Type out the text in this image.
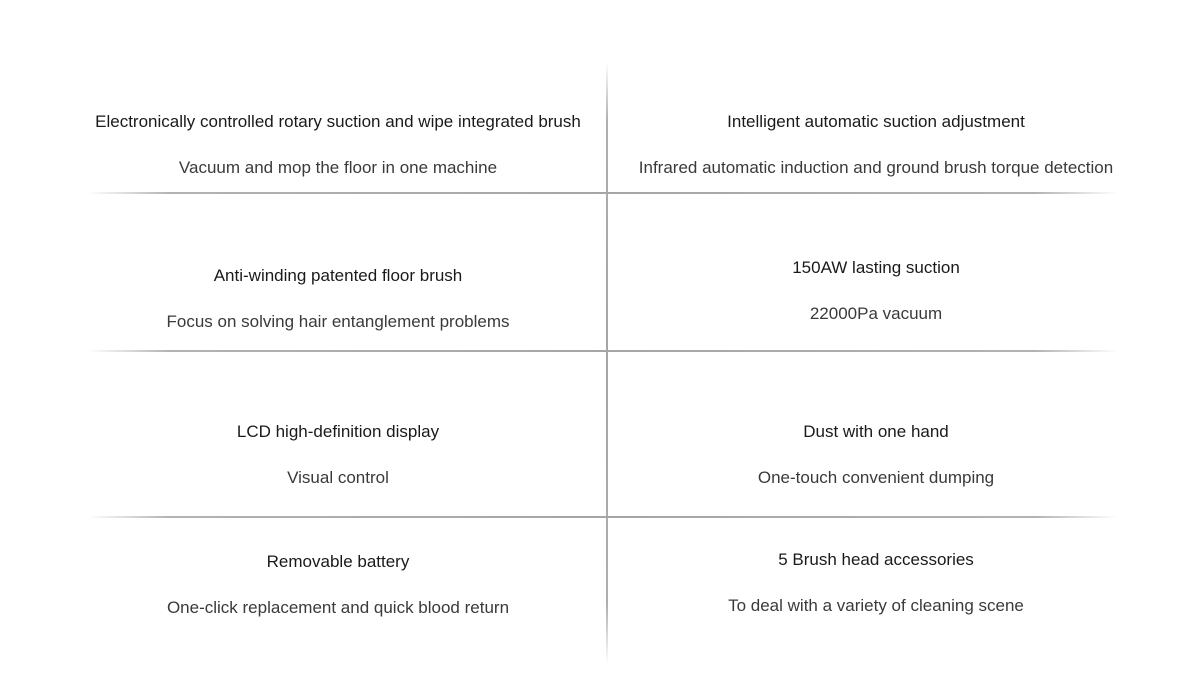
Electronically controlled rotary suction and wipe integrated brush
Vacuum and mop the floor in one machine
Intelligent automatic suction adjustment
Infrared automatic induction and ground brush torque detection
Anti-winding patented floor brush
Focus on solving hair entanglement problems
150AW lasting suction
22000Pa vacuum
LCD high-definition display
Visual control
Dust with one hand
One-touch convenient dumping
Removable battery
One-click replacement and quick blood return
5 Brush head accessories
To deal with a variety of cleaning scene
